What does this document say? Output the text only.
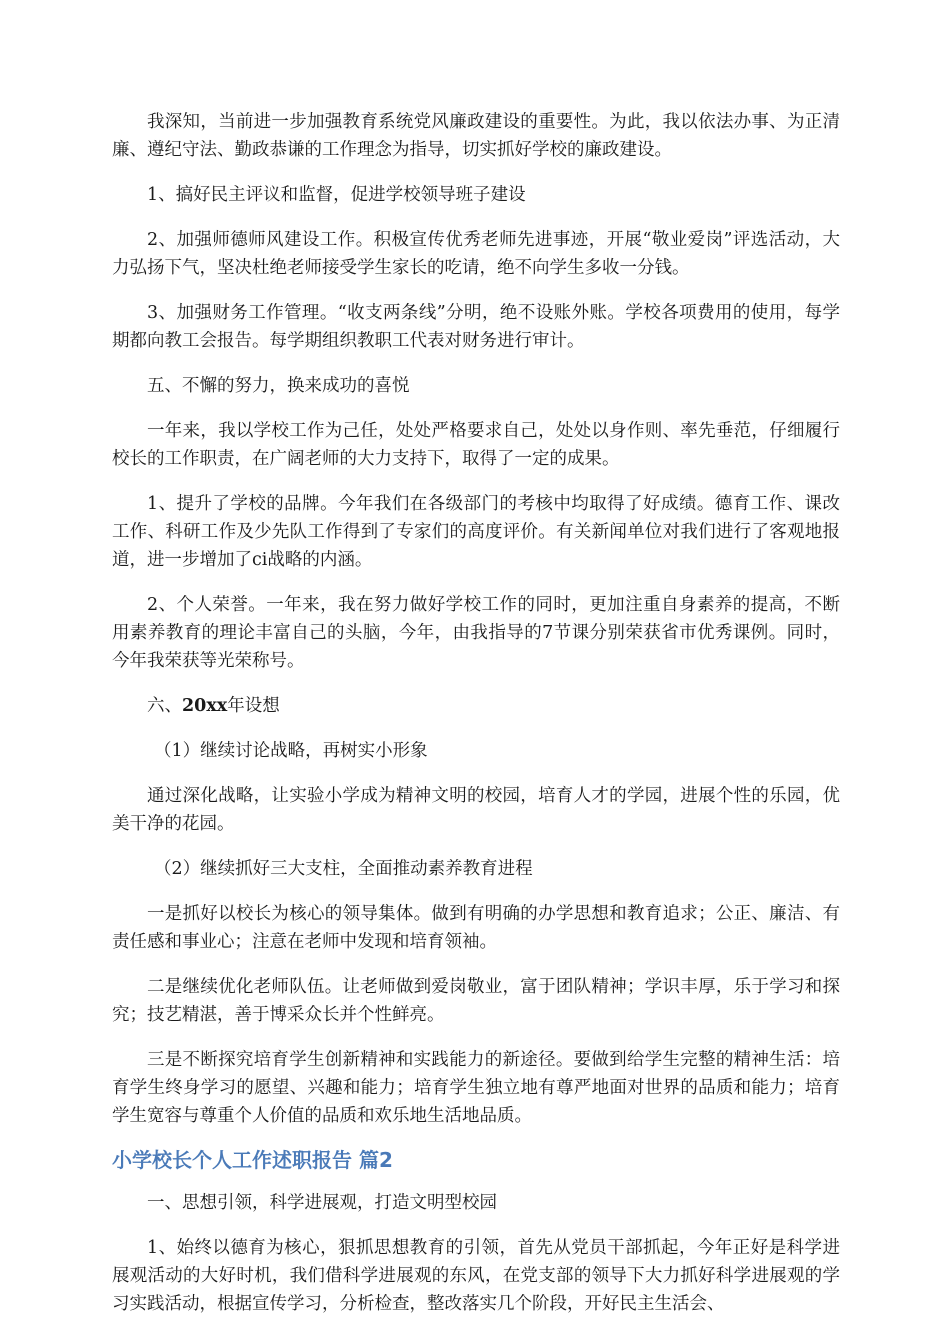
我深知，当前进一步加强教育系统党风廉政建设的重要性。为此，我以依法办事、为正清廉、遵纪守法、勤政恭谦的工作理念为指导，切实抓好学校的廉政建设。

1、搞好民主评议和监督，促进学校领导班子建设

2、加强师德师风建设工作。积极宣传优秀老师先进事迹，开展“敬业爱岗”评选活动，大力弘扬下气，坚决杜绝老师接受学生家长的吃请，绝不向学生多收一分钱。

3、加强财务工作管理。“收支两条线”分明，绝不设账外账。学校各项费用的使用，每学期都向教工会报告。每学期组织教职工代表对财务进行审计。

五、不懈的努力，换来成功的喜悦

一年来，我以学校工作为己任，处处严格要求自己，处处以身作则、率先垂范，仔细履行校长的工作职责，在广阔老师的大力支持下，取得了一定的成果。

1、提升了学校的品牌。今年我们在各级部门的考核中均取得了好成绩。德育工作、课改工作、科研工作及少先队工作得到了专家们的高度评价。有关新闻单位对我们进行了客观地报道，进一步增加了ci战略的内涵。

2、个人荣誉。一年来，我在努力做好学校工作的同时，更加注重自身素养的提高，不断用素养教育的理论丰富自己的头脑，今年，由我指导的7节课分别荣获省市优秀课例。同时，今年我荣获等光荣称号。

六、20xx年设想

（1）继续讨论战略，再树实小形象

通过深化战略，让实验小学成为精神文明的校园，培育人才的学园，进展个性的乐园，优美干净的花园。

（2）继续抓好三大支柱，全面推动素养教育进程

一是抓好以校长为核心的领导集体。做到有明确的办学思想和教育追求；公正、廉洁、有责任感和事业心；注意在老师中发现和培育领袖。

二是继续优化老师队伍。让老师做到爱岗敬业，富于团队精神；学识丰厚，乐于学习和探究；技艺精湛，善于博采众长并个性鲜亮。

三是不断探究培育学生创新精神和实践能力的新途径。要做到给学生完整的精神生活：培育学生终身学习的愿望、兴趣和能力；培育学生独立地有尊严地面对世界的品质和能力；培育学生宽容与尊重个人价值的品质和欢乐地生活地品质。

小学校长个人工作述职报告 篇2

一、思想引领，科学进展观，打造文明型校园

1、始终以德育为核心，狠抓思想教育的引领，首先从党员干部抓起，今年正好是科学进展观活动的大好时机，我们借科学进展观的东风，在党支部的领导下大力抓好科学进展观的学习实践活动，根据宣传学习，分析检查，整改落实几个阶段，开好民主生活会、
